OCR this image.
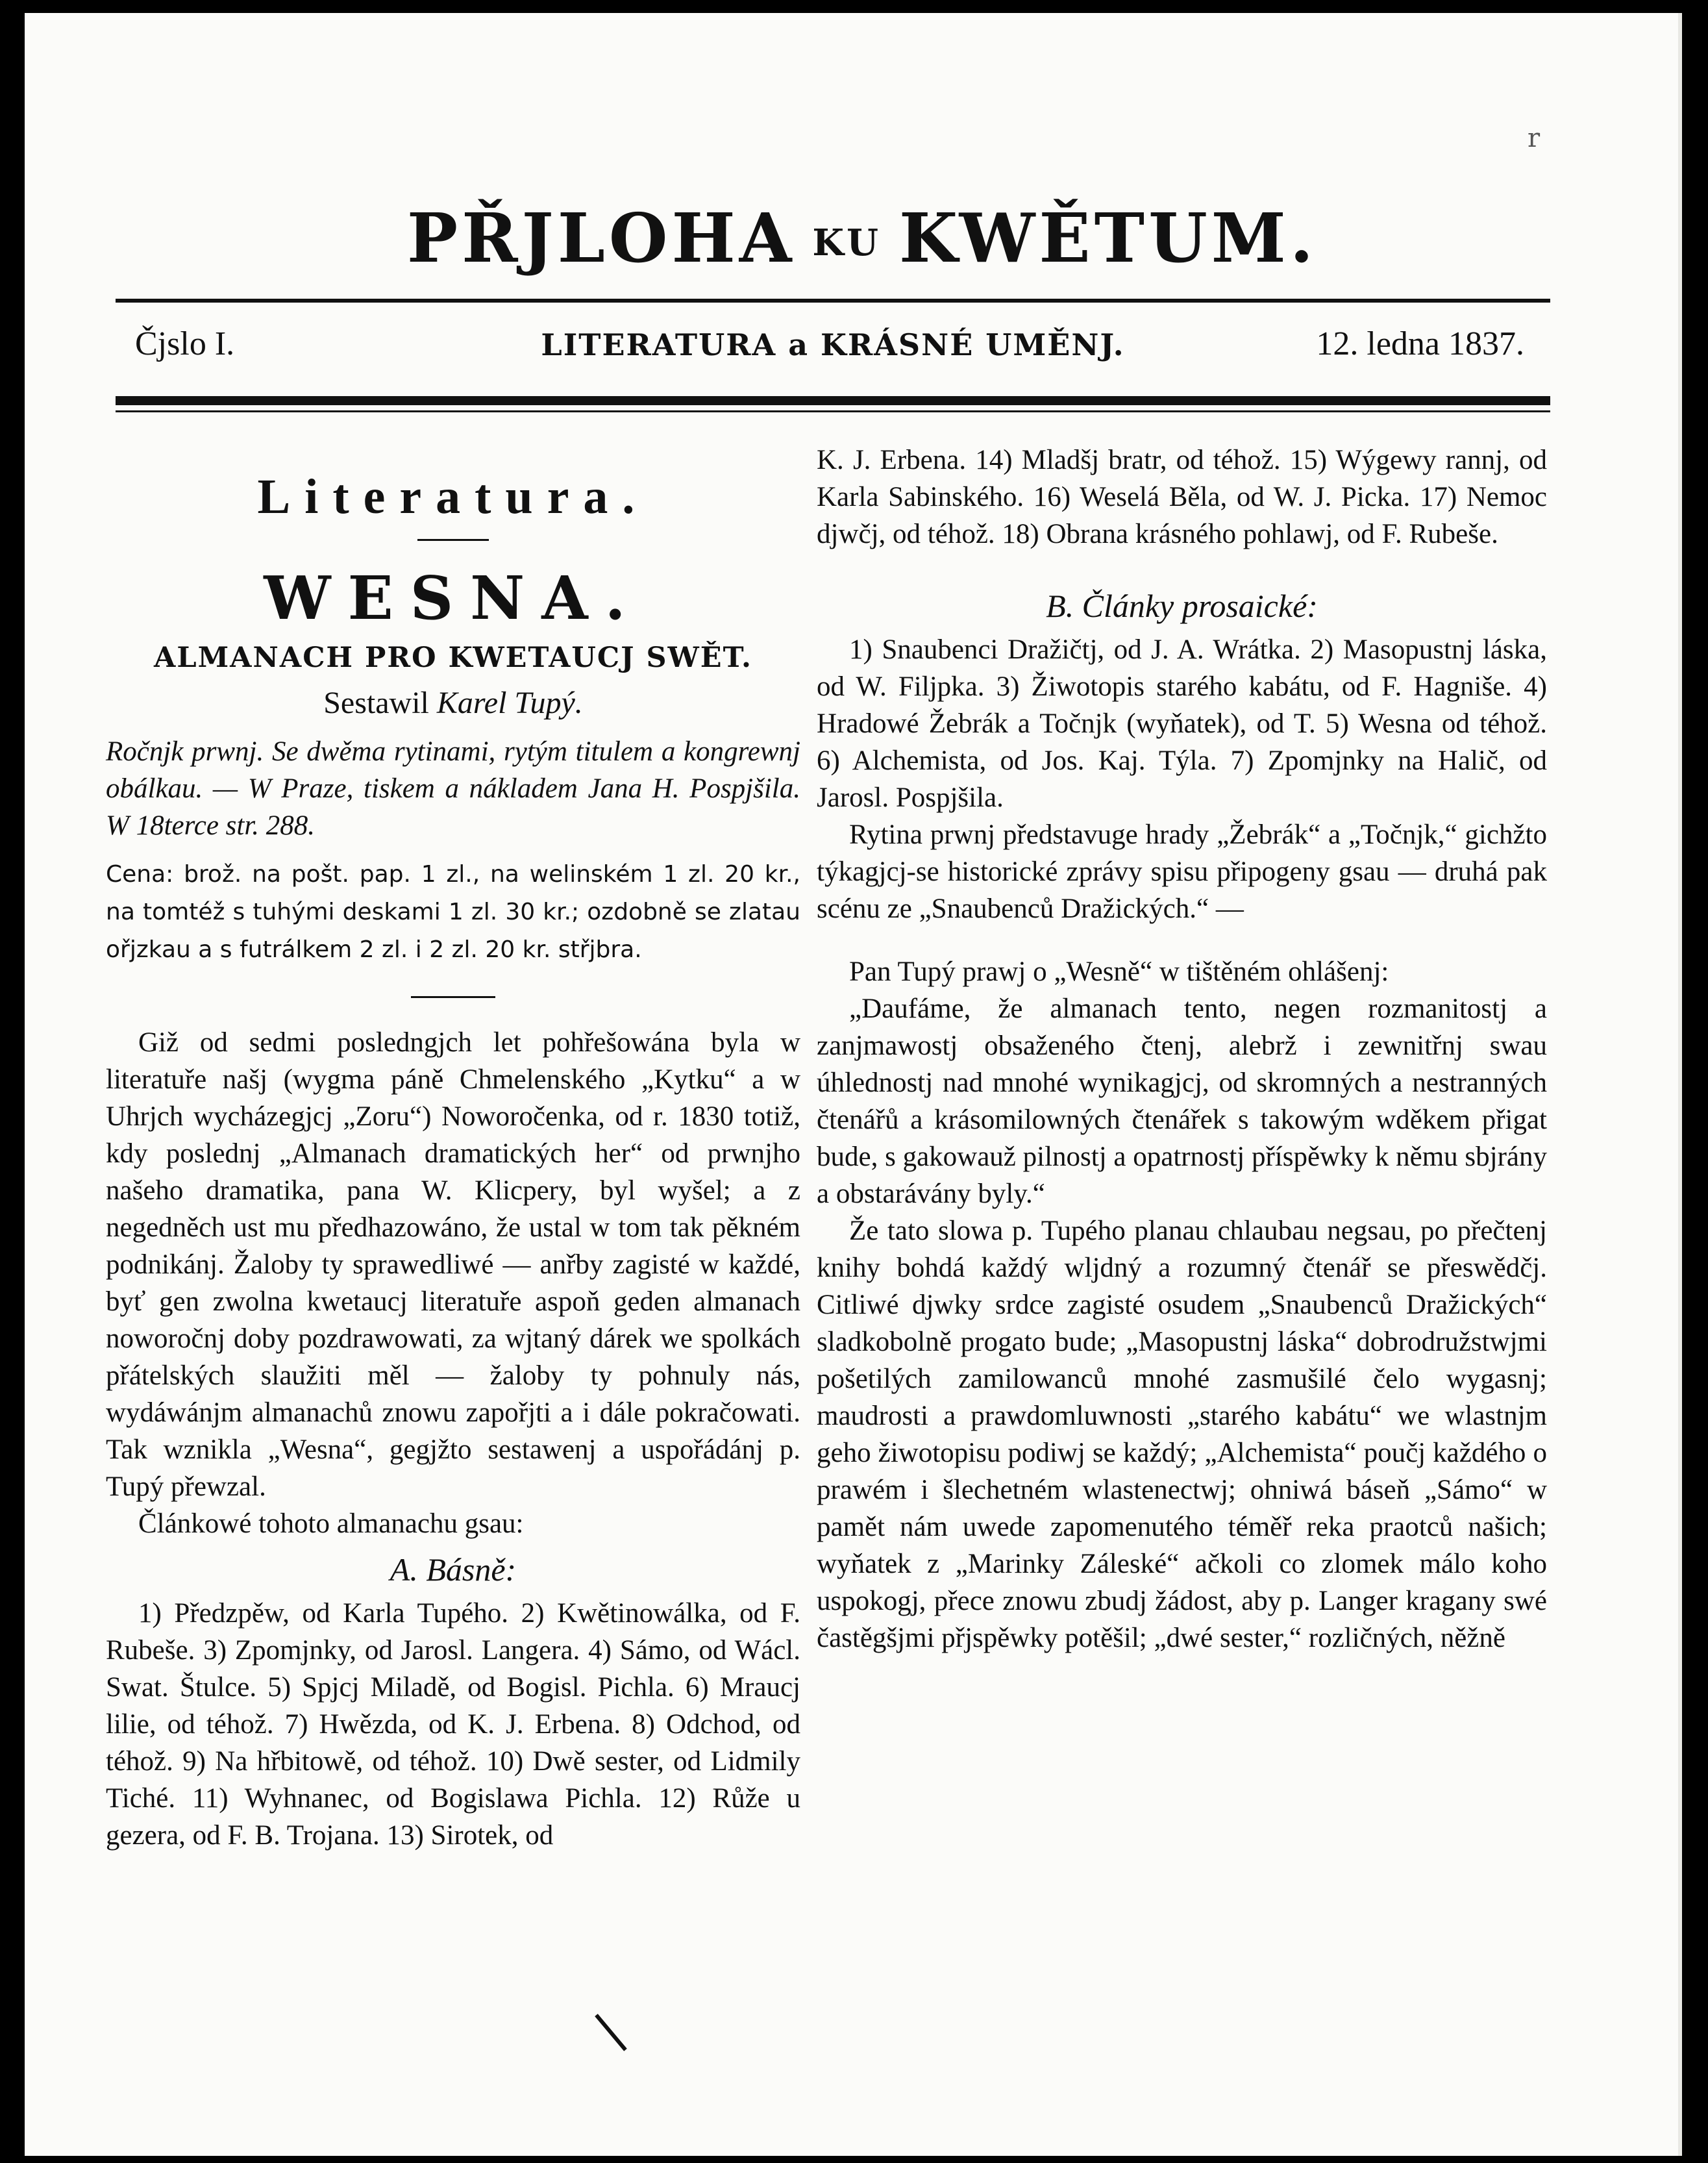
r
PŘJLOHA KU KWĚTUM.
Čjslo I.	LITERATURA a KRÁSNÉ UMĚNJ.	12. ledna 1837.
Literatura.
WESNA.
ALMANACH PRO KWETAUCJ SWĚT.
Sestawil Karel Tupý.

Ročnjk prwnj. Se dwěma rytinami, rytým titulem a kongrewnj obálkau. — W Praze, tiskem a nákladem Jana H. Pospjšila. W 18terce str. 288.

Cena: brož. na pošt. pap. 1 zl., na welinském 1 zl. 20 kr., na tomtéž s tuhými deskami 1 zl. 30 kr.; ozdobně se zlatau ořjzkau a s futrálkem 2 zl. i 2 zl. 20 kr. střjbra.

Giž od sedmi posledngjch let pohřešowána byla w literatuře našj (wygma páně Chmelenského „Kytku“ a w Uhrjch wycházegjcj „Zoru“) Noworočenka, od r. 1830 totiž, kdy poslednj „Almanach dramatických her“ od prwnjho našeho dramatika, pana W. Klicpery, byl wyšel; a z negedněch ust mu předhazowáno, že ustal w tom tak pěkném podnikánj. Žaloby ty sprawedliwé — anřby zagisté w každé, byť gen zwolna kwetaucj literatuře aspoň geden almanach noworočnj doby pozdrawowati, za wjtaný dárek we spolkách přátelských slaužiti měl — žaloby ty pohnuly nás, wydáwánjm almanachů znowu zapořjti a i dále pokračowati. Tak wznikla „Wesna“, gegjžto sestawenj a uspořádánj p. Tupý přewzal.

Článkowé tohoto almanachu gsau:

A. Básně:

1) Předzpěw, od Karla Tupého. 2) Kwětinowálka, od F. Rubeše. 3) Zpomjnky, od Jarosl. Langera. 4) Sámo, od Wácl. Swat. Štulce. 5) Spjcj Miladě, od Bogisl. Pichla. 6) Mraucj lilie, od téhož. 7) Hwězda, od K. J. Erbena. 8) Odchod, od téhož. 9) Na hřbitowě, od téhož. 10) Dwě sester, od Lidmily Tiché. 11) Wyhnanec, od Bogislawa Pichla. 12) Růže u gezera, od F. B. Trojana. 13) Sirotek, od

K. J. Erbena. 14) Mladšj bratr, od téhož. 15) Wýgewy rannj, od Karla Sabinského. 16) Weselá Běla, od W. J. Picka. 17) Nemoc djwčj, od téhož. 18) Obrana krásného pohlawj, od F. Rubeše.

B. Články prosaické:

1) Snaubenci Dražičtj, od J. A. Wrátka. 2) Masopustnj láska, od W. Filjpka. 3) Žiwotopis starého kabátu, od F. Hagniše. 4) Hradowé Žebrák a Točnjk (wyňatek), od T. 5) Wesna od téhož. 6) Alchemista, od Jos. Kaj. Týla. 7) Zpomjnky na Halič, od Jarosl. Pospjšila.

Rytina prwnj představuge hrady „Žebrák“ a „Točnjk,“ gichžto týkagjcj-se historické zprávy spisu připogeny gsau — druhá pak scénu ze „Snaubenců Dražických.“ —

Pan Tupý prawj o „Wesně“ w tištěném ohlášenj:

„Daufáme, že almanach tento, negen rozmanitostj a zanjmawostj obsaženého čtenj, alebrž i zewnitřnj swau úhlednostj nad mnohé wynikagjcj, od skromných a nestranných čtenářů a krásomilowných čtenářek s takowým wděkem přigat bude, s gakowauž pilnostj a opatrnostj příspěwky k němu sbjrány a obstarávány byly.“

Že tato slowa p. Tupého planau chlaubau negsau, po přečtenj knihy bohdá každý wljdný a rozumný čtenář se přeswědčj. Citliwé djwky srdce zagisté osudem „Snaubenců Dražických“ sladkobolně progato bude; „Masopustnj láska“ dobrodružstwjmi pošetilých zamilowanců mnohé zasmušilé čelo wygasnj; maudrosti a prawdomluwnosti „starého kabátu“ we wlastnjm geho žiwotopisu podiwj se každý; „Alchemista“ poučj každého o prawém i šlechetném wlastenectwj; ohniwá báseň „Sámo“ w pamět nám uwede zapomenutého téměř reka praotců našich; wyňatek z „Marinky Záleské“ ačkoli co zlomek málo koho uspokogj, přece znowu zbudj žádost, aby p. Langer kragany swé častěgšjmi přjspěwky potěšil; „dwé sester,“ rozličných, něžně
